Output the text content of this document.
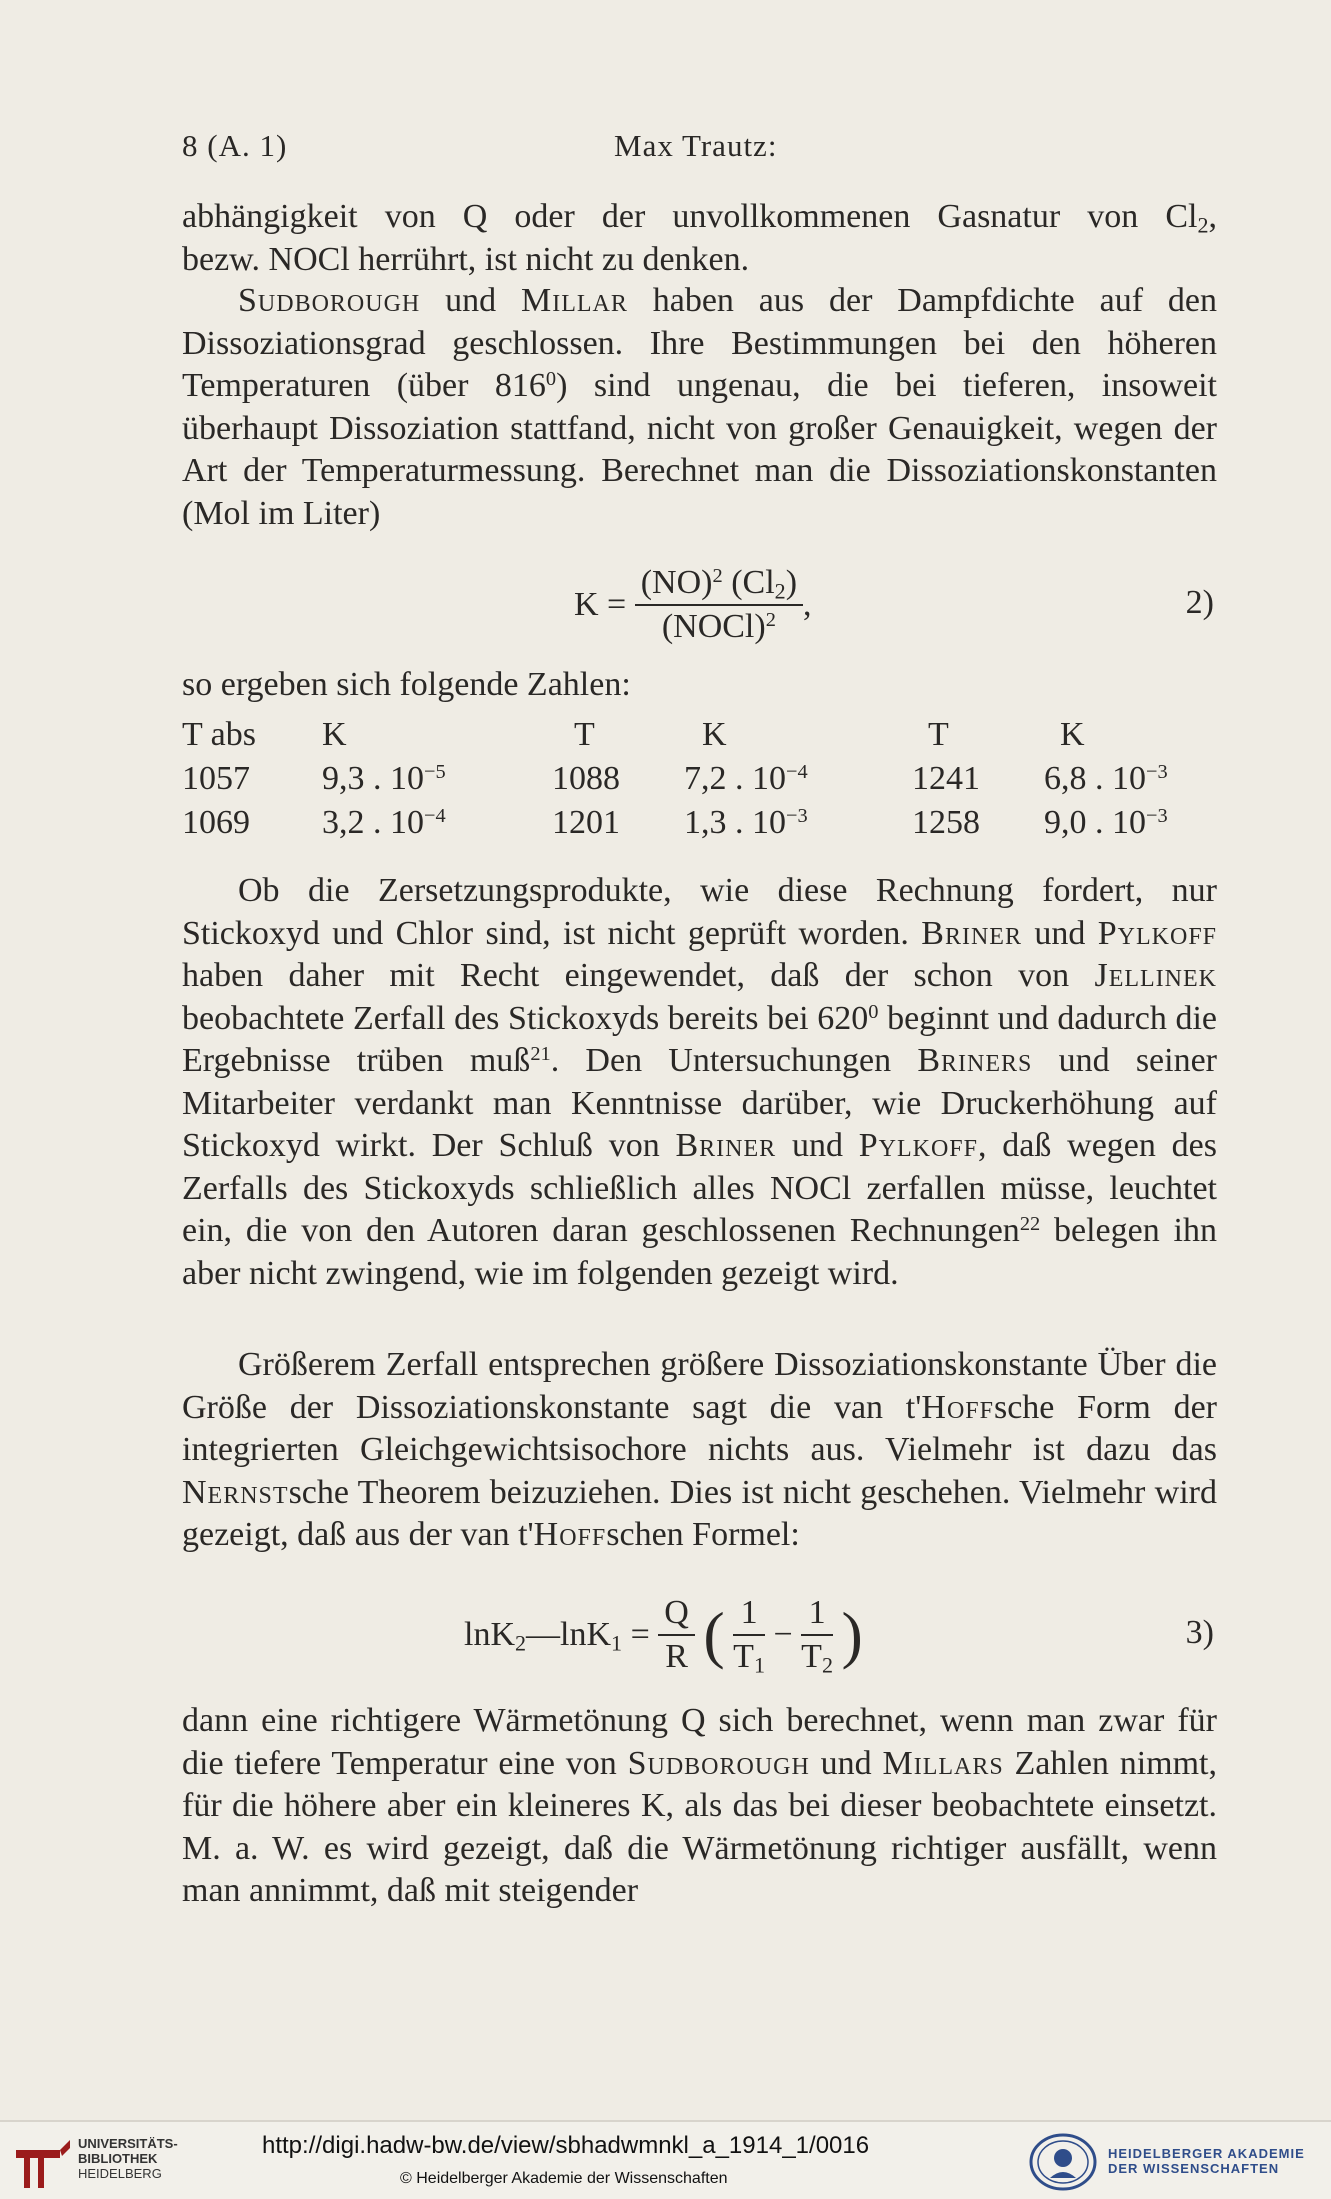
8 (A. 1)	Max Trautz:

abhängigkeit von Q oder der unvollkommenen Gasnatur von $Cl_2$,

bezw. NOCl herrührt, ist nicht zu denken.

Sudborough und Millar haben aus der Dampfdichte auf den Dissoziationsgrad geschlossen. Ihre Bestimmungen bei den höheren Temperaturen (über $816^0$) sind ungenau, die bei tieferen, insoweit überhaupt Dissoziation stattfand, nicht von großer Genauigkeit, wegen der Art der Temperaturmessung. Berechnet man die Dissoziationskonstanten (Mol im Liter)

$K = \frac{(NO)^2 (Cl_2)}{(NOCl)^2}$ ,	2)

so ergeben sich folgende Zahlen:

T abs K	T	K	T	K
1057 9,3 . $10^{-5}$	1088 7,2 . $10^{-4}$	1241 6,8 . $10^{-3}$
1069 3,2 . $10^{-4}$	1201 1,3 . $10^{-3}$	1258 9,0 . $10^{-3}$

Ob die Zersetzungsprodukte, wie diese Rechnung fordert, nur Stickoxyd und Chlor sind, ist nicht geprüft worden. Briner und Pylkoff haben daher mit Recht eingewendet, daß der schon von Jellinek beobachtete Zerfall des Stickoxyds bereits bei $620^0$ beginnt und dadurch die Ergebnisse trüben muß$^{21}$. Den Untersuchungen Briners und seiner Mitarbeiter verdankt man Kenntnisse darüber, wie Druckerhöhung auf Stickoxyd wirkt. Der Schluß von Briner und Pylkoff, daß wegen des Zerfalls des Stickoxyds schließlich alles NOCl zerfallen müsse, leuchtet ein, die von den Autoren daran geschlossenen Rechnungen$^{22}$ belegen ihn aber nicht zwingend, wie im folgenden gezeigt wird.

Größerem Zerfall entsprechen größere Dissoziationskonstante Über die Größe der Dissoziationskonstante sagt die van t'Hoffsche Form der integrierten Gleichgewichtsisochore nichts aus. Vielmehr ist dazu das Nernstsche Theorem beizuziehen. Dies ist nicht geschehen. Vielmehr wird gezeigt, daß aus der van t'Hoffschen Formel:

lnK$_2$—lnK$_1$ = $\frac{Q}{R}$ ( $\frac{1}{T_1} - \frac{1}{T_2}$ )	3)

dann eine richtigere Wärmetönung Q sich berechnet, wenn man zwar für die tiefere Temperatur eine von Sudborough und Millars Zahlen nimmt, für die höhere aber ein kleineres K, als das bei dieser beobachtete einsetzt. M. a. W. es wird gezeigt, daß die Wärmetönung richtiger ausfällt, wenn man annimmt, daß mit steigender

UNIVERSITÄTS-
BIBLIOTHEK
HEIDELBERG
http://digi.hadw-bw.de/view/sbhadwmnkl_a_1914_1/0016
© Heidelberger Akademie der Wissenschaften
HEIDELBERGER AKADEMIE
DER WISSENSCHAFTEN
